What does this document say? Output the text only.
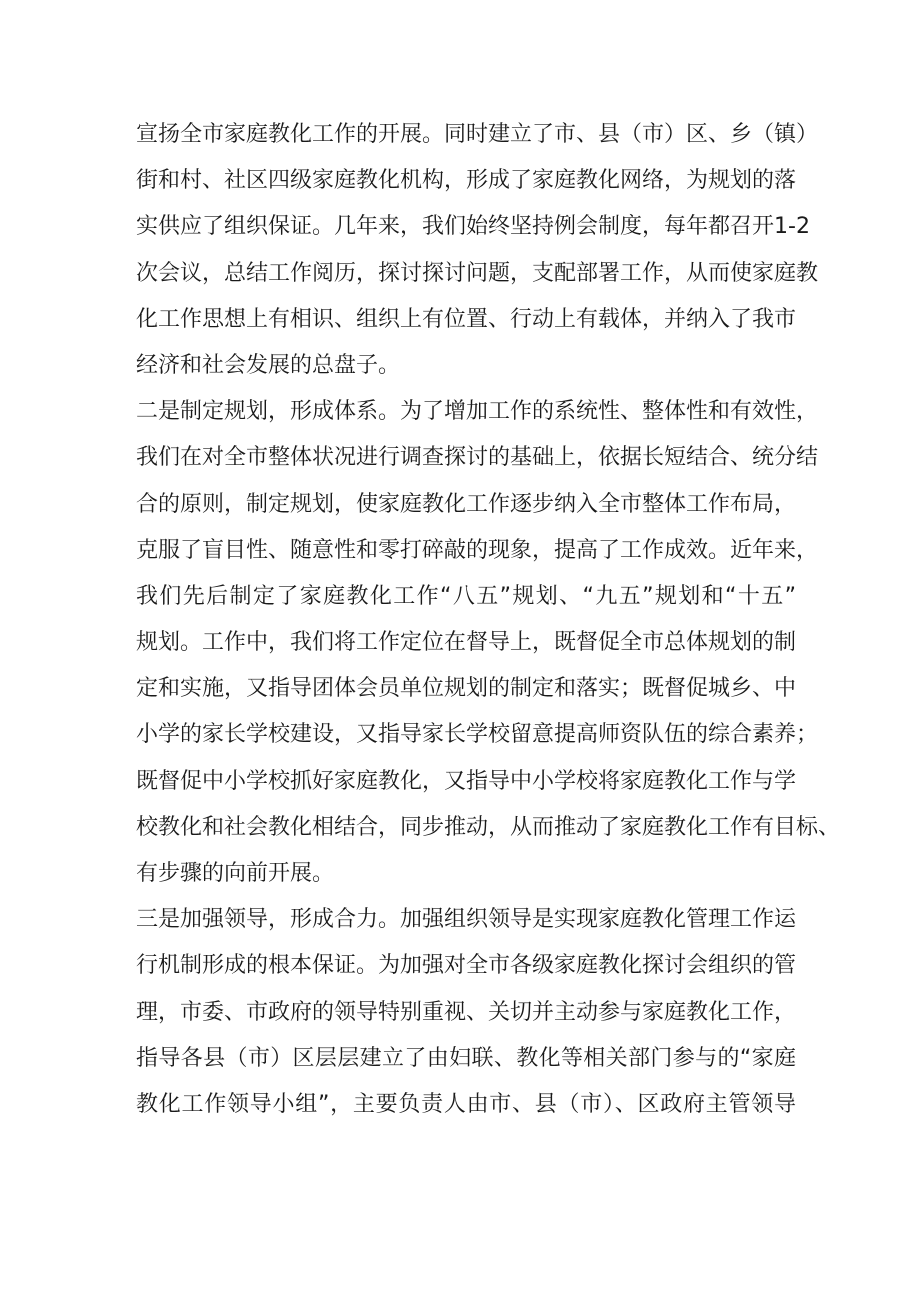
宣扬全市家庭教化工作的开展。同时建立了市、县（市）区、乡（镇）
街和村、社区四级家庭教化机构，形成了家庭教化网络，为规划的落
实供应了组织保证。几年来，我们始终坚持例会制度，每年都召开1-2
次会议，总结工作阅历，探讨探讨问题，支配部署工作，从而使家庭教
化工作思想上有相识、组织上有位置、行动上有载体，并纳入了我市
经济和社会发展的总盘子。
二是制定规划，形成体系。为了增加工作的系统性、整体性和有效性，
我们在对全市整体状况进行调查探讨的基础上，依据长短结合、统分结
合的原则，制定规划，使家庭教化工作逐步纳入全市整体工作布局，
克服了盲目性、随意性和零打碎敲的现象，提高了工作成效。近年来，
我们先后制定了家庭教化工作“八五”规划、“九五”规划和“十五”
规划。工作中，我们将工作定位在督导上，既督促全市总体规划的制
定和实施，又指导团体会员单位规划的制定和落实；既督促城乡、中
小学的家长学校建设，又指导家长学校留意提高师资队伍的综合素养；
既督促中小学校抓好家庭教化，又指导中小学校将家庭教化工作与学
校教化和社会教化相结合，同步推动，从而推动了家庭教化工作有目标、
有步骤的向前开展。
三是加强领导，形成合力。加强组织领导是实现家庭教化管理工作运
行机制形成的根本保证。为加强对全市各级家庭教化探讨会组织的管
理，市委、市政府的领导特别重视、关切并主动参与家庭教化工作，
指导各县（市）区层层建立了由妇联、教化等相关部门参与的“家庭
教化工作领导小组”，主要负责人由市、县（市）、区政府主管领导
